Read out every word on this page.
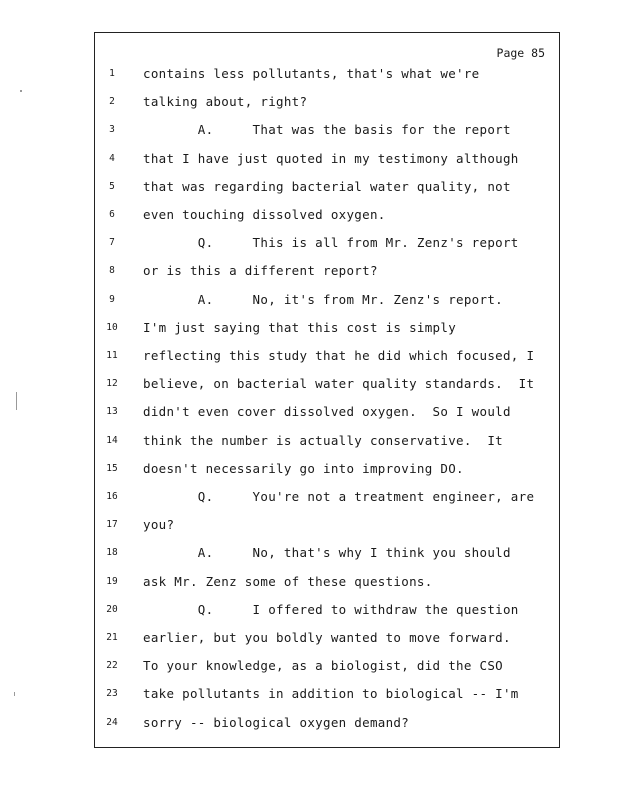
Page 85
1	contains less pollutants, that's what we're
2	talking about, right?
3	A.     That was the basis for the report
4	that I have just quoted in my testimony although
5	that was regarding bacterial water quality, not
6	even touching dissolved oxygen.
7	Q.     This is all from Mr. Zenz's report
8	or is this a different report?
9	A.     No, it's from Mr. Zenz's report.
10 I'm just saying that this cost is simply
11 reflecting this study that he did which focused, I
12 believe, on bacterial water quality standards.  It
13 didn't even cover dissolved oxygen.  So I would
14 think the number is actually conservative.  It
15 doesn't necessarily go into improving DO.
16 Q.     You're not a treatment engineer, are
17 you?
18 A.     No, that's why I think you should
19 ask Mr. Zenz some of these questions.
20 Q.     I offered to withdraw the question
21 earlier, but you boldly wanted to move forward.
22 To your knowledge, as a biologist, did the CSO
23 take pollutants in addition to biological -- I'm
24 sorry -- biological oxygen demand?
